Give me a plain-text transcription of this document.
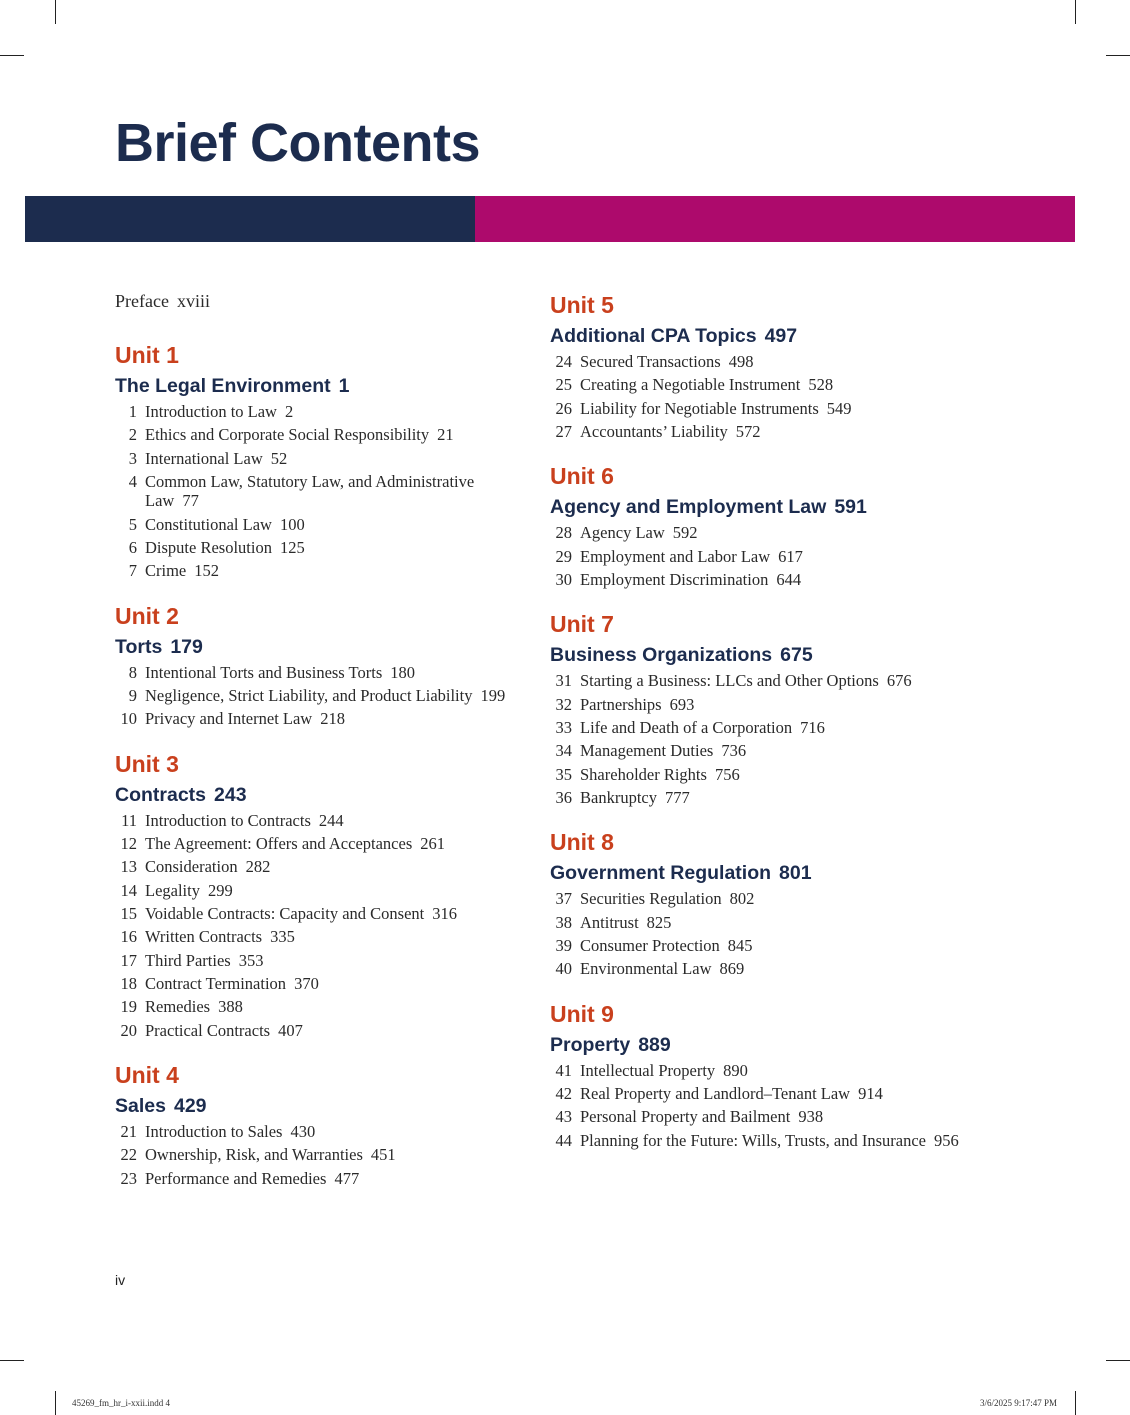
Brief Contents

Preface xviii

Unit 1
The Legal Environment 1
1 Introduction to Law 2
2 Ethics and Corporate Social Responsibility 21
3 International Law 52
4 Common Law, Statutory Law, and Administrative Law 77
5 Constitutional Law 100
6 Dispute Resolution 125
7 Crime 152
Unit 2
Torts 179
8 Intentional Torts and Business Torts 180
9 Negligence, Strict Liability, and Product Liability 199
10 Privacy and Internet Law 218
Unit 3
Contracts 243
11 Introduction to Contracts 244
12 The Agreement: Offers and Acceptances 261
13 Consideration 282
14 Legality 299
15 Voidable Contracts: Capacity and Consent 316
16 Written Contracts 335
17 Third Parties 353
18 Contract Termination 370
19 Remedies 388
20 Practical Contracts 407
Unit 4
Sales 429
21 Introduction to Sales 430
22 Ownership, Risk, and Warranties 451
23 Performance and Remedies 477
Unit 5
Additional CPA Topics 497
24 Secured Transactions 498
25 Creating a Negotiable Instrument 528
26 Liability for Negotiable Instruments 549
27 Accountants’ Liability 572
Unit 6
Agency and Employment Law 591
28 Agency Law 592
29 Employment and Labor Law 617
30 Employment Discrimination 644
Unit 7
Business Organizations 675
31 Starting a Business: LLCs and Other Options 676
32 Partnerships 693
33 Life and Death of a Corporation 716
34 Management Duties 736
35 Shareholder Rights 756
36 Bankruptcy 777
Unit 8
Government Regulation 801
37 Securities Regulation 802
38 Antitrust 825
39 Consumer Protection 845
40 Environmental Law 869
Unit 9
Property 889
41 Intellectual Property 890
42 Real Property and Landlord–Tenant Law 914
43 Personal Property and Bailment 938
44 Planning for the Future: Wills, Trusts, and Insurance 956
iv
45269_fm_hr_i-xxii.indd 4	3/6/2025 9:17:47 PM
